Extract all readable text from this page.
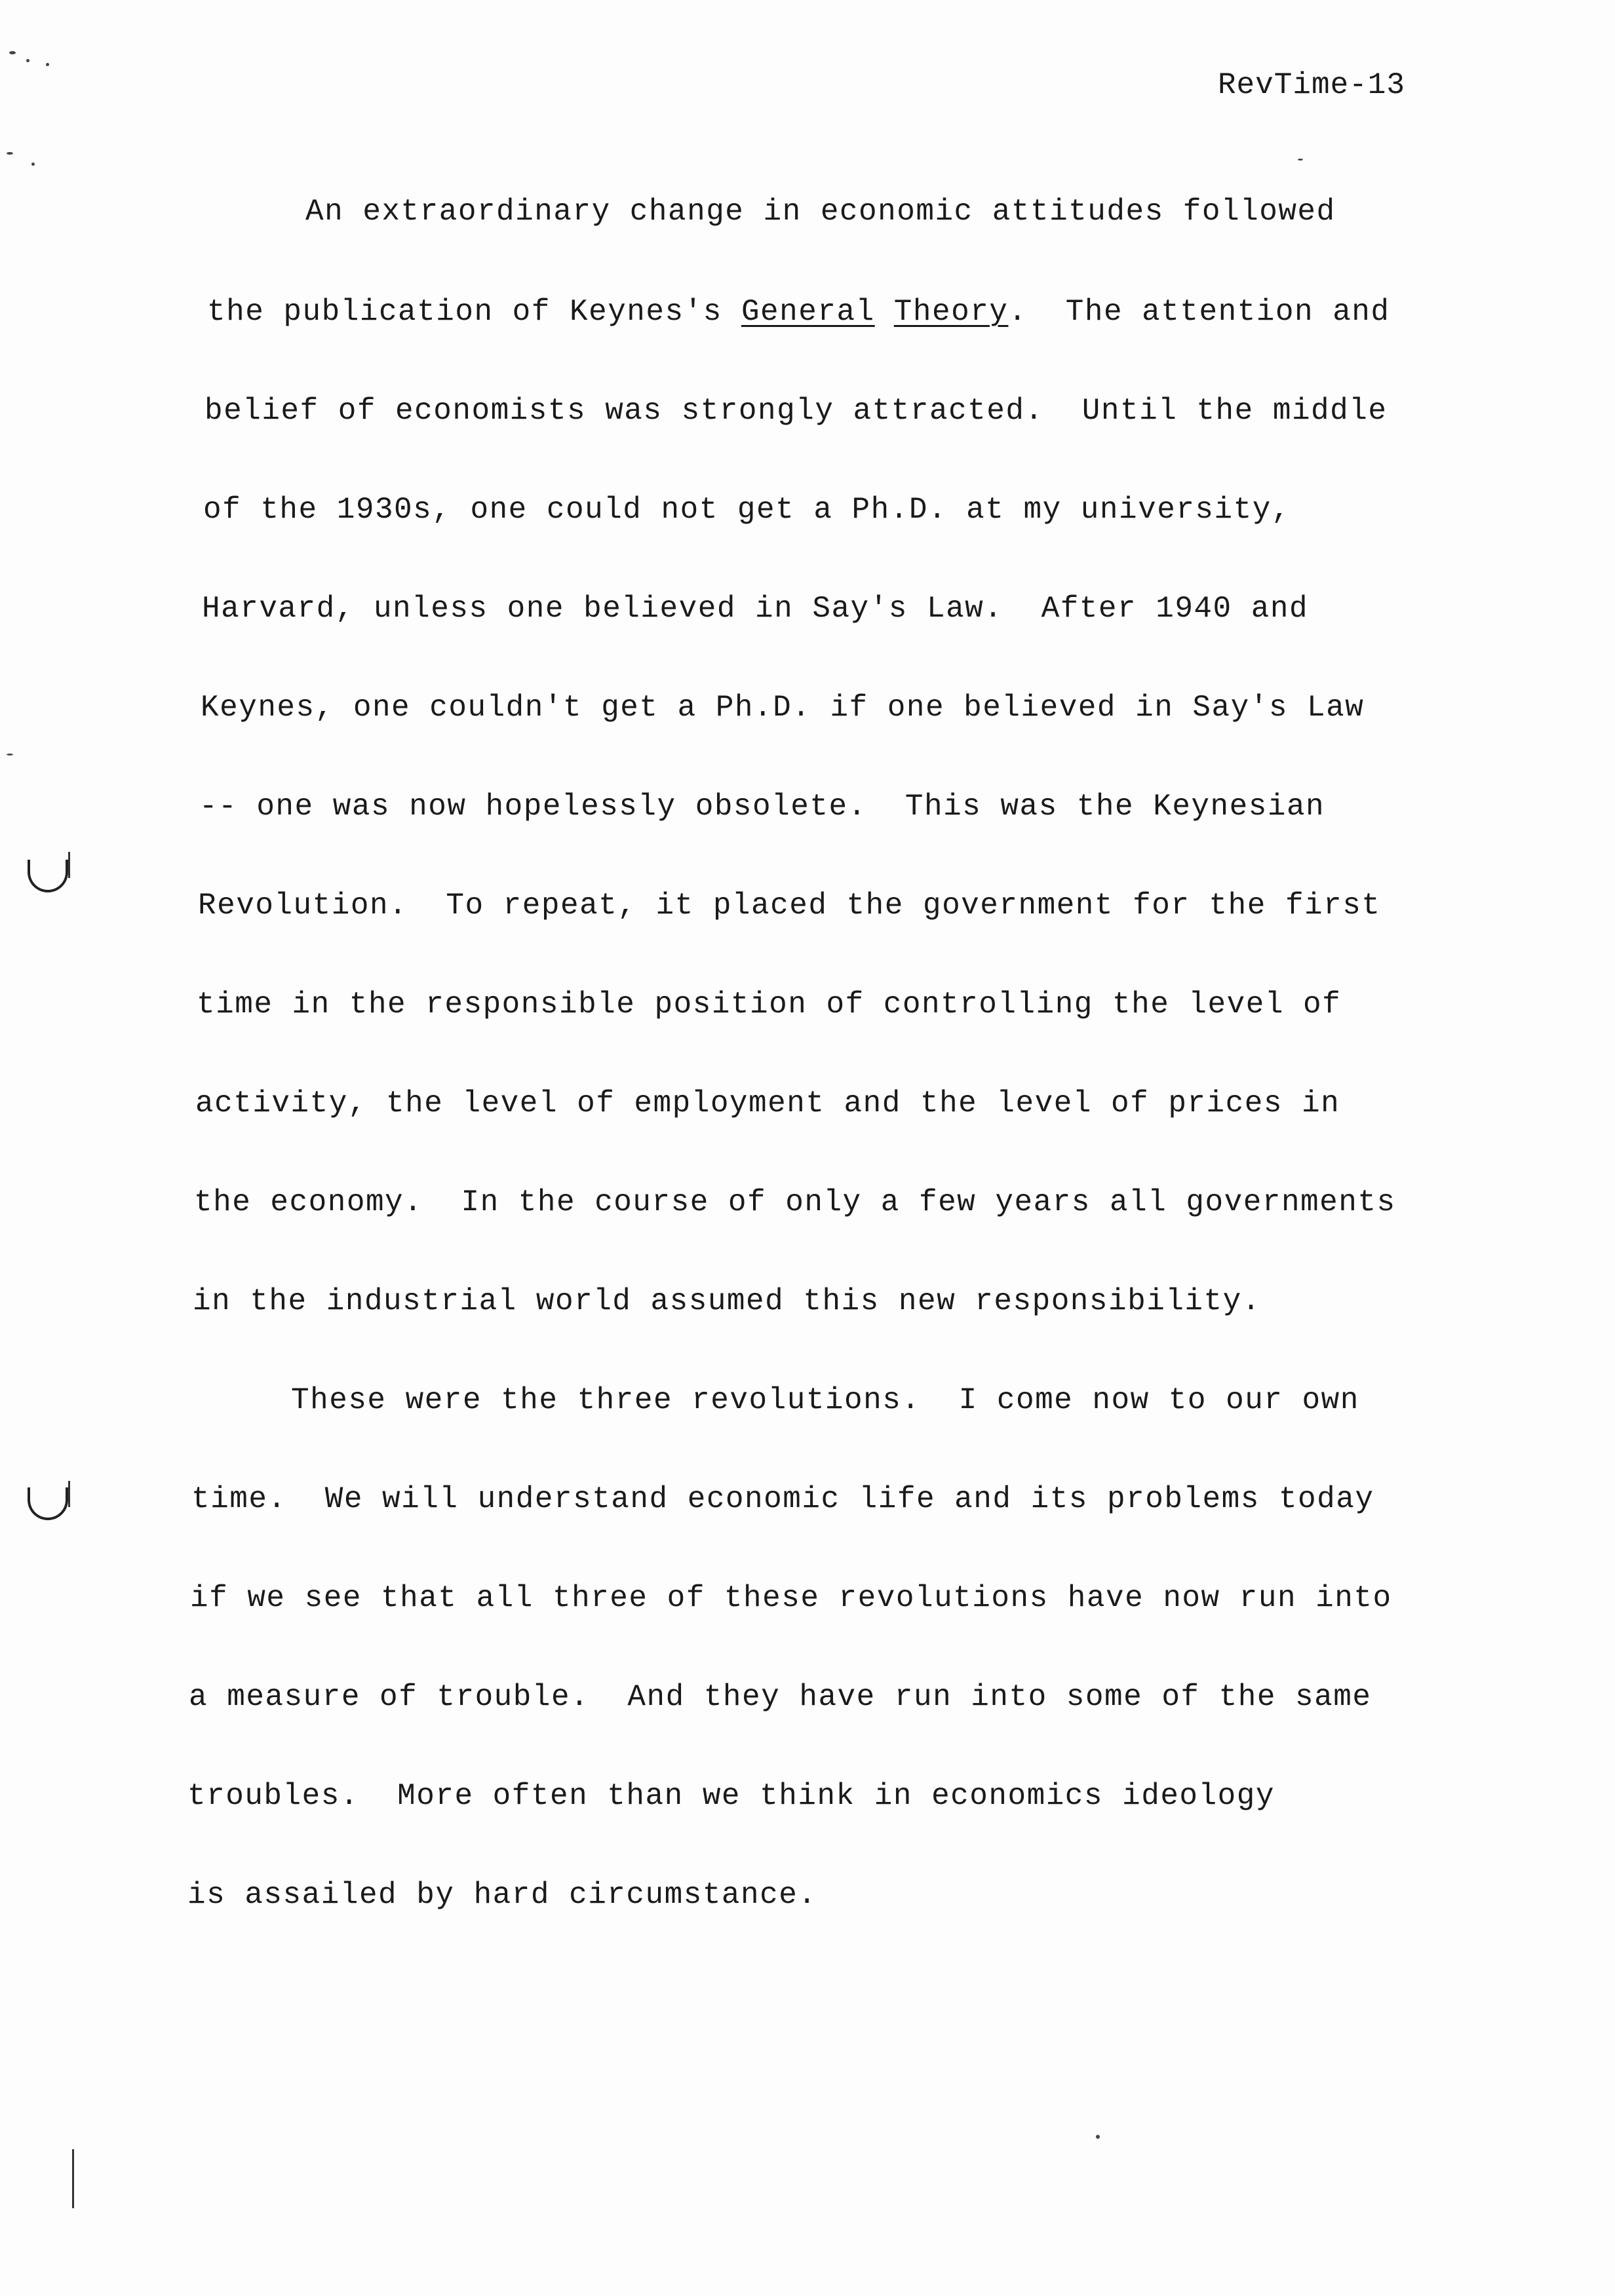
RevTime-13
An extraordinary change in economic attitudes followed
the publication of Keynes's General Theory.  The attention and
belief of economists was strongly attracted.  Until the middle
of the 1930s, one could not get a Ph.D. at my university,
Harvard, unless one believed in Say's Law.  After 1940 and
Keynes, one couldn't get a Ph.D. if one believed in Say's Law
-- one was now hopelessly obsolete.  This was the Keynesian
Revolution.  To repeat, it placed the government for the first
time in the responsible position of controlling the level of
activity, the level of employment and the level of prices in
the economy.  In the course of only a few years all governments
in the industrial world assumed this new responsibility.
These were the three revolutions.  I come now to our own
time.  We will understand economic life and its problems today
if we see that all three of these revolutions have now run into
a measure of trouble.  And they have run into some of the same
troubles.  More often than we think in economics ideology
is assailed by hard circumstance.
